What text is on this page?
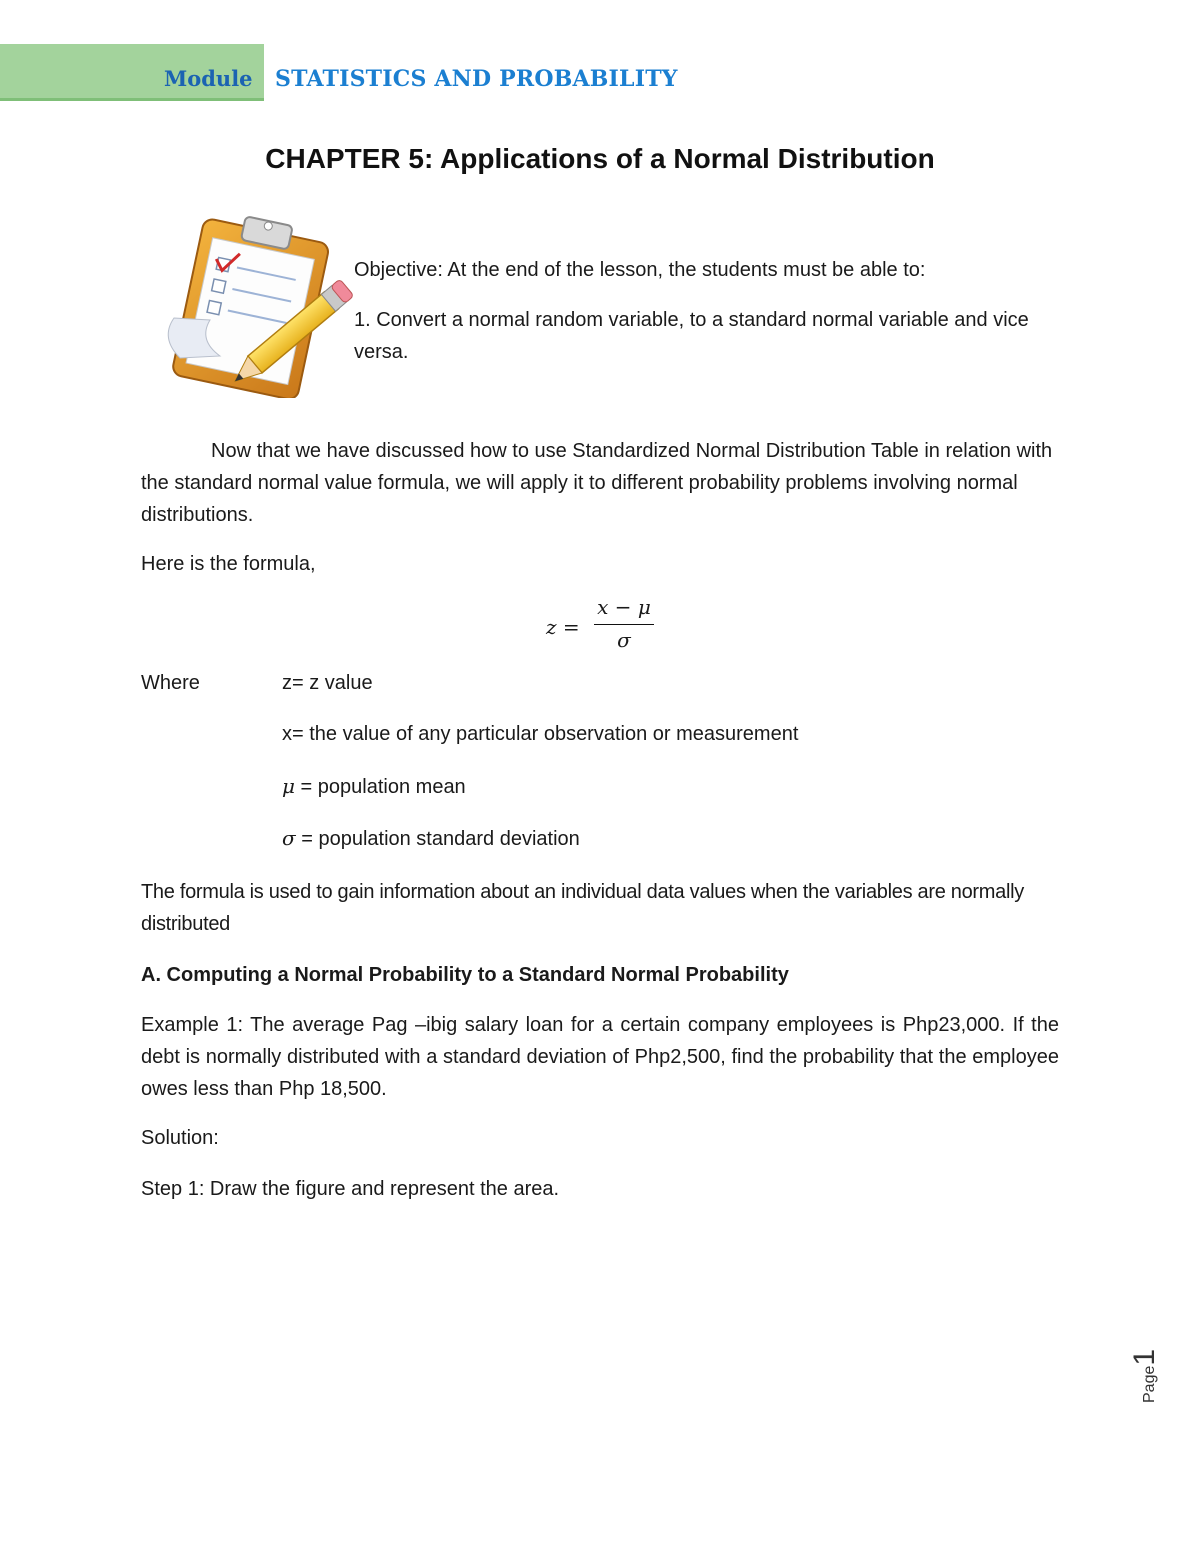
Module STATISTICS AND PROBABILITY
CHAPTER 5: Applications of a Normal Distribution

Objective: At the end of the lesson, the students must be able to:

1. Convert a normal random variable, to a standard normal variable and vice versa.

Now that we have discussed how to use Standardized Normal Distribution Table in relation with the standard normal value formula, we will apply it to different probability problems involving normal distributions.

Here is the formula,

z =
x − μ
σ
Where	z= z value
x= the value of any particular observation or measurement
μ = population mean
σ = population standard deviation

The formula is used to gain information about an individual data values when the variables are normally distributed

A. Computing a Normal Probability to a Standard Normal Probability

Example 1: The average Pag –ibig salary loan for a certain company employees is Php23,000. If the debt is normally distributed with a standard deviation of Php2,500, find the probability that the employee owes less than Php 18,500.

Solution:

Step 1: Draw the figure and represent the area.

Page1
